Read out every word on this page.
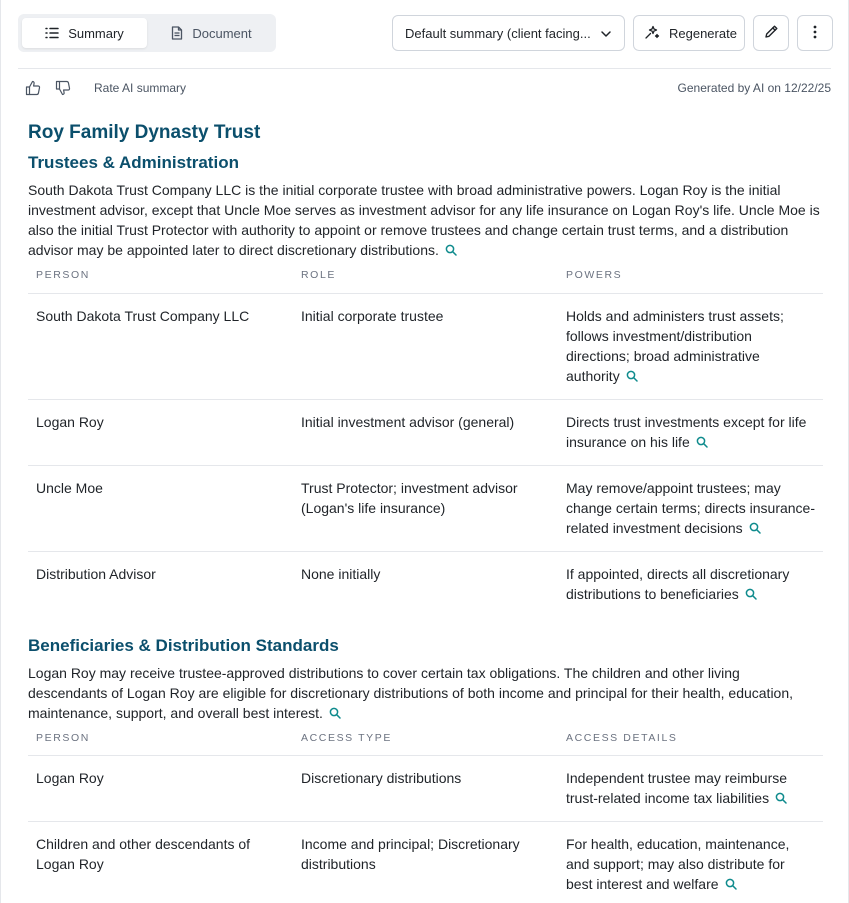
Summary	Document	Default summary (client facing...	Regenerate
Rate AI summary	Generated by AI on 12/22/25
Roy Family Dynasty Trust
Trustees & Administration

South Dakota Trust Company LLC is the initial corporate trustee with broad administrative powers. Logan Roy is the initial investment advisor, except that Uncle Moe serves as investment advisor for any life insurance on Logan Roy's life. Uncle Moe is also the initial Trust Protector with authority to appoint or remove trustees and change certain trust terms, and a distribution advisor may be appointed later to direct discretionary distributions.

PERSON	ROLE	POWERS
South Dakota Trust Company LLC	Initial corporate trustee	Holds and administers trust assets; follows investment/distribution directions; broad administrative authority
Logan Roy	Initial investment advisor (general)	Directs trust investments except for life insurance on his life
Uncle Moe	Trust Protector; investment advisor (Logan's life insurance)	May remove/appoint trustees; may change certain terms; directs insurance-related investment decisions
Distribution Advisor	None initially	If appointed, directs all discretionary distributions to beneficiaries
Beneficiaries & Distribution Standards

Logan Roy may receive trustee-approved distributions to cover certain tax obligations. The children and other living descendants of Logan Roy are eligible for discretionary distributions of both income and principal for their health, education, maintenance, support, and overall best interest.

PERSON	ACCESS TYPE	ACCESS DETAILS
Logan Roy	Discretionary distributions	Independent trustee may reimburse trust-related income tax liabilities
Children and other descendants of Logan Roy	Income and principal; Discretionary distributions	For health, education, maintenance, and support; may also distribute for best interest and welfare
